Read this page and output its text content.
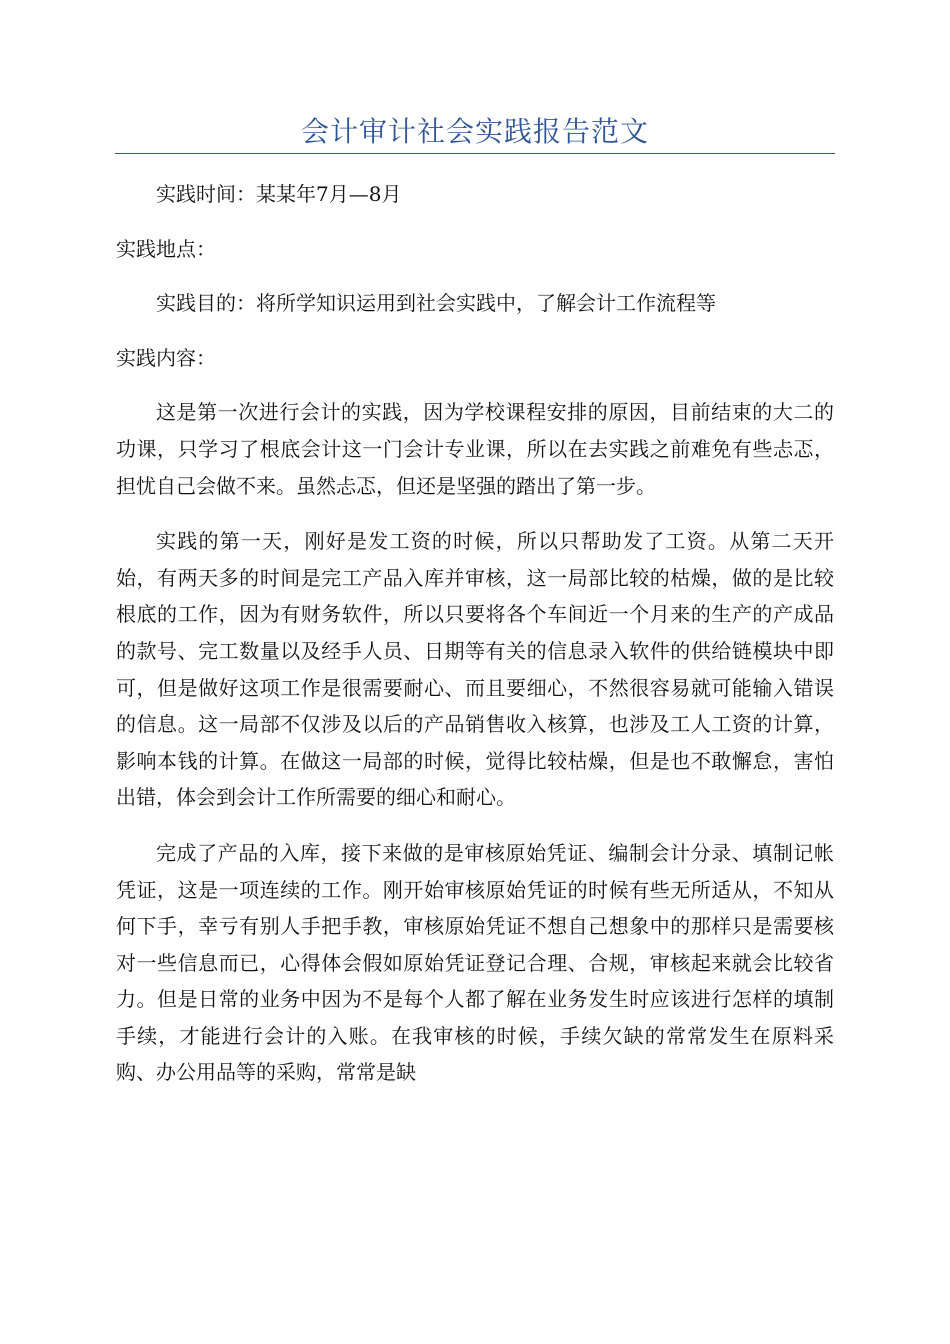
会计审计社会实践报告范文

实践时间：某某年7月—8月

实践地点：

实践目的：将所学知识运用到社会实践中，了解会计工作流程等

实践内容：

这是第一次进行会计的实践，因为学校课程安排的原因，目前结束的大二的功课，只学习了根底会计这一门会计专业课，所以在去实践之前难免有些忐忑，担忧自己会做不来。虽然忐忑，但还是坚强的踏出了第一步。

实践的第一天，刚好是发工资的时候，所以只帮助发了工资。从第二天开始，有两天多的时间是完工产品入库并审核，这一局部比较的枯燥，做的是比较根底的工作，因为有财务软件，所以只要将各个车间近一个月来的生产的产成品的款号、完工数量以及经手人员、日期等有关的信息录入软件的供给链模块中即可，但是做好这项工作是很需要耐心、而且要细心，不然很容易就可能输入错误的信息。这一局部不仅涉及以后的产品销售收入核算，也涉及工人工资的计算，影响本钱的计算。在做这一局部的时候，觉得比较枯燥，但是也不敢懈怠，害怕出错，体会到会计工作所需要的细心和耐心。

完成了产品的入库，接下来做的是审核原始凭证、编制会计分录、填制记帐凭证，这是一项连续的工作。刚开始审核原始凭证的时候有些无所适从，不知从何下手，幸亏有别人手把手教，审核原始凭证不想自己想象中的那样只是需要核对一些信息而已，心得体会假如原始凭证登记合理、合规，审核起来就会比较省力。但是日常的业务中因为不是每个人都了解在业务发生时应该进行怎样的填制手续，才能进行会计的入账。在我审核的时候，手续欠缺的常常发生在原料采购、办公用品等的采购，常常是缺
